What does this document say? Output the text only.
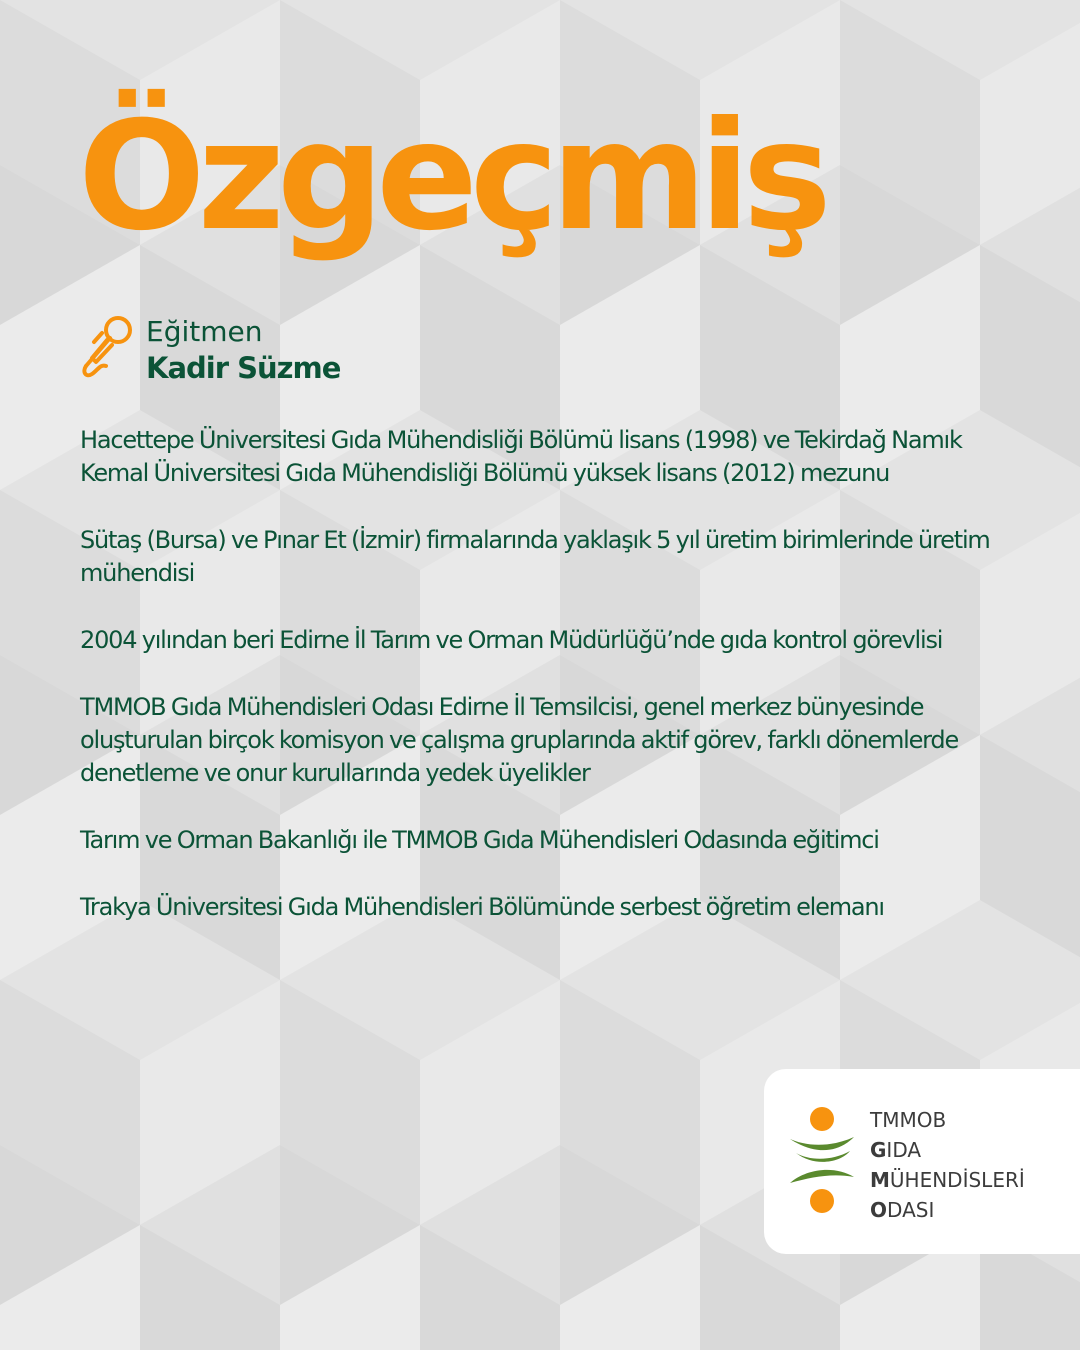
Özgeçmiş
Eğitmen
Kadir Süzme
Hacettepe Üniversitesi Gıda Mühendisliği Bölümü lisans (1998) ve Tekirdağ Namık Kemal Üniversitesi Gıda Mühendisliği Bölümü yüksek lisans (2012) mezunu
Sütaş (Bursa) ve Pınar Et (İzmir) firmalarında yaklaşık 5 yıl üretim birimlerinde üretim mühendisi
2004 yılından beri Edirne İl Tarım ve Orman Müdürlüğü’nde gıda kontrol görevlisi
TMMOB Gıda Mühendisleri Odası Edirne İl Temsilcisi, genel merkez bünyesinde oluşturulan birçok komisyon ve çalışma gruplarında aktif görev, farklı dönemlerde denetleme ve onur kurullarında yedek üyelikler
Tarım ve Orman Bakanlığı ile TMMOB Gıda Mühendisleri Odasında eğitimci
Trakya Üniversitesi Gıda Mühendisleri Bölümünde serbest öğretim elemanı
TMMOB
GIDA
MÜHENDİSLERİ
ODASI
